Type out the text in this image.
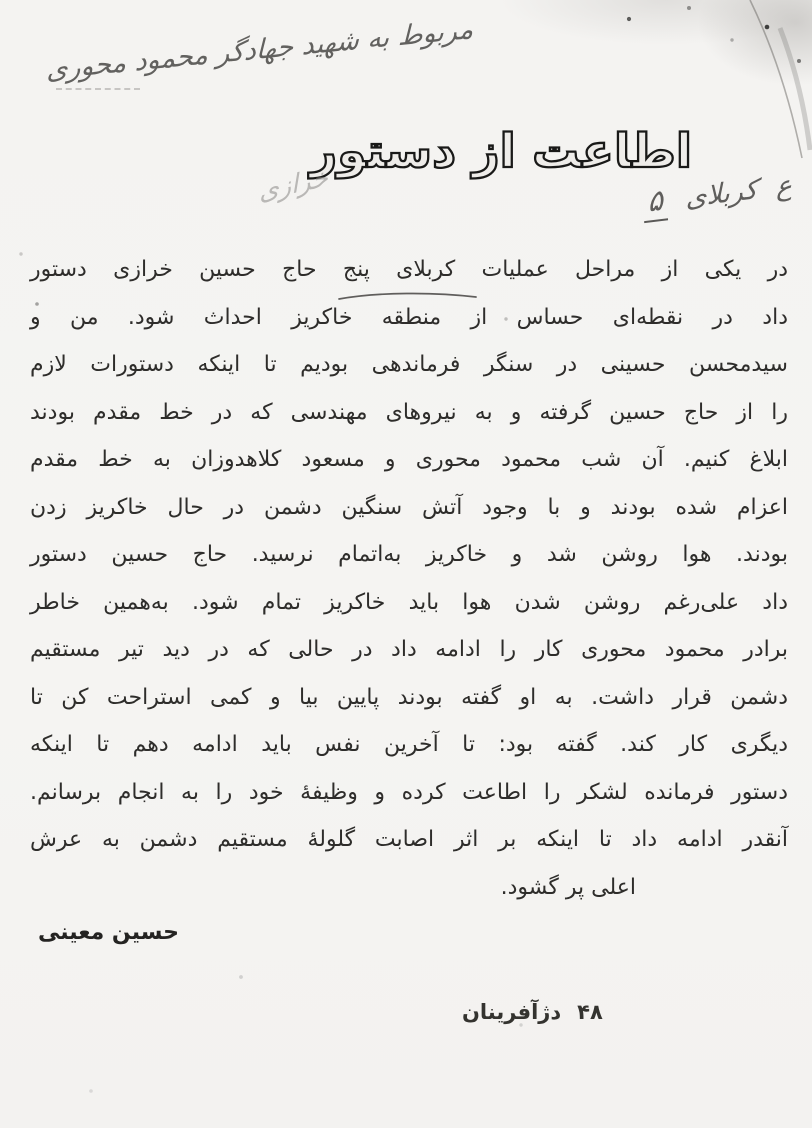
مربوط به شهید جهادگر محمود محوری
اطاعت از دستور
خرازی	ع کربلای ۵
در یکی از مراحل عملیات کربلای پنج حاج حسین خرازی دستور
داد در نقطه‌ای حساس از منطقه خاکریز احداث شود. من و
سیدمحسن حسینی در سنگر فرماندهی بودیم تا اینکه دستورات لازم
را از حاج حسین گرفته و به نیروهای مهندسی که در خط مقدم بودند
ابلاغ کنیم. آن شب محمود محوری و مسعود کلاهدوزان به خط مقدم
اعزام شده بودند و با وجود آتش سنگین دشمن در حال خاکریز زدن
بودند. هوا روشن شد و خاکریز به‌اتمام نرسید. حاج حسین دستور
داد علی‌رغم روشن شدن هوا باید خاکریز تمام شود. به‌همین خاطر
برادر محمود محوری کار را ادامه داد در حالی که در دید تیر مستقیم
دشمن قرار داشت. به او گفته بودند پایین بیا و کمی استراحت کن تا
دیگری کار کند. گفته بود: تا آخرین نفس باید ادامه دهم تا اینکه
دستور فرمانده لشکر را اطاعت کرده و وظیفهٔ خود را به انجام برسانم.
آنقدر ادامه داد تا اینکه بر اثر اصابت گلولهٔ مستقیم دشمن به عرش
اعلی پر گشود.
حسین معینی
۴۸
دژآفرینان
